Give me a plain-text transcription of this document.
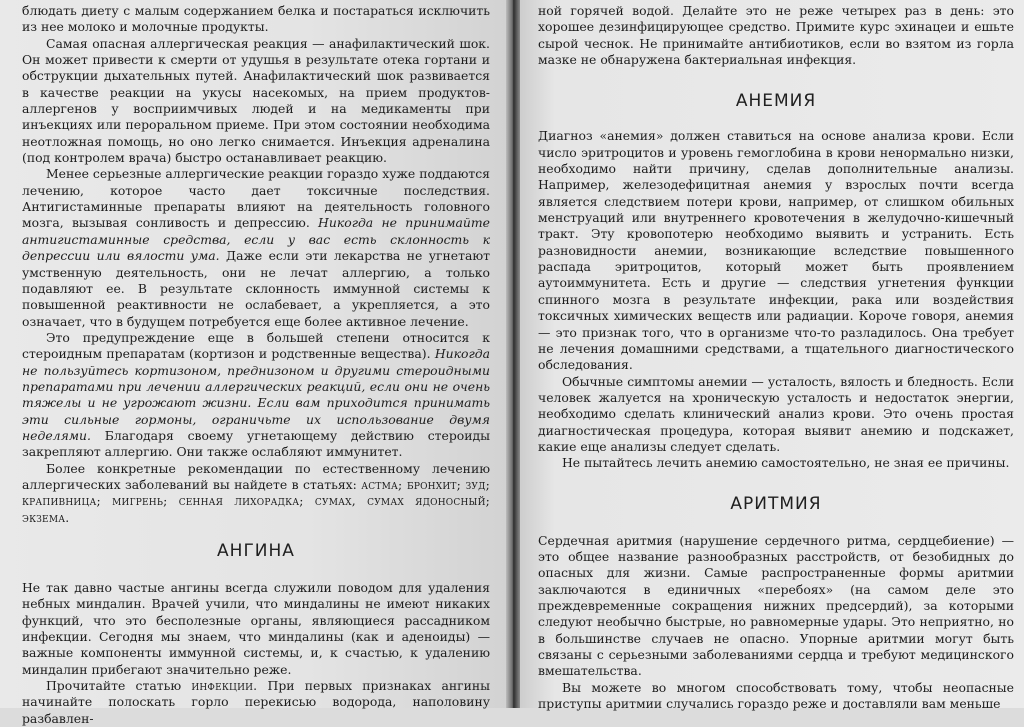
блюдать диету с малым содержанием белка и постараться исключить из нее молоко и молочные продукты.

Самая опасная аллергическая реакция — анафилактический шок. Он может привести к смерти от удушья в результате отека гортани и обструкции дыхательных путей. Анафилактический шок развивается в качестве реакции на укусы насекомых, на прием продуктов-аллергенов у восприимчивых людей и на медикаменты при инъекциях или пероральном приеме. При этом состоянии необходима неотложная помощь, но оно легко снимается. Инъекция адреналина (под контролем врача) быстро останавливает реакцию.

Менее серьезные аллергические реакции гораздо хуже поддаются лечению, которое часто дает токсичные последствия. Антигистаминные препараты влияют на деятельность головного мозга, вызывая сонливость и депрессию. Никогда не принимайте антигистаминные средства, если у вас есть склонность к депрессии или вялости ума. Даже если эти лекарства не угнетают умственную деятельность, они не лечат аллергию, а только подавляют ее. В результате склонность иммунной системы к повышенной реактивности не ослабевает, а укрепляется, а это означает, что в будущем потребуется еще более активное лечение.

Это предупреждение еще в большей степени относится к стероидным препаратам (кортизон и родственные вещества). Никогда не пользуйтесь кортизоном, преднизоном и другими стероидными препаратами при лечении аллергических реакций, если они не очень тяжелы и не угрожают жизни. Если вам приходится принимать эти сильные гормоны, ограничьте их использование двумя неделями. Благодаря своему угнетающему действию стероиды закрепляют аллергию. Они также ослабляют иммунитет.

Более конкретные рекомендации по естественному лечению аллергических заболеваний вы найдете в статьях: астма; бронхит; зуд; крапивница; мигрень; сенная лихорадка; сумах, сумах ядоносный; экзема.

АНГИНА

Не так давно частые ангины всегда служили поводом для удаления небных миндалин. Врачей учили, что миндалины не имеют никаких функций, что это бесполезные органы, являющиеся рассадником инфекции. Сегодня мы знаем, что миндалины (как и аденоиды) — важные компоненты иммунной системы, и, к счастью, к удалению миндалин прибегают значительно реже.

Прочитайте статью инфекции. При первых признаках ангины начинайте полоскать горло перекисью водорода, наполовину разбавлен-

ной горячей водой. Делайте это не реже четырех раз в день: это хорошее дезинфицирующее средство. Примите курс эхинацеи и ешьте сырой чеснок. Не принимайте антибиотиков, если во взятом из горла мазке не обнаружена бактериальная инфекция.

АНЕМИЯ

Диагноз «анемия» должен ставиться на основе анализа крови. Если число эритроцитов и уровень гемоглобина в крови ненормально низки, необходимо найти причину, сделав дополнительные анализы. Например, железодефицитная анемия у взрослых почти всегда является следствием потери крови, например, от слишком обильных менструаций или внутреннего кровотечения в желудочно-кишечный тракт. Эту кровопотерю необходимо выявить и устранить. Есть разновидности анемии, возникающие вследствие повышенного распада эритроцитов, который может быть проявлением аутоиммунитета. Есть и другие — следствия угнетения функции спинного мозга в результате инфекции, рака или воздействия токсичных химических веществ или радиации. Короче говоря, анемия — это признак того, что в организме что-то разладилось. Она требует не лечения домашними средствами, а тщательного диагностического обследования.

Обычные симптомы анемии — усталость, вялость и бледность. Если человек жалуется на хроническую усталость и недостаток энергии, необходимо сделать клинический анализ крови. Это очень простая диагностическая процедура, которая выявит анемию и подскажет, какие еще анализы следует сделать.

Не пытайтесь лечить анемию самостоятельно, не зная ее причины.

АРИТМИЯ

Сердечная аритмия (нарушение сердечного ритма, сердцебиение) — это общее название разнообразных расстройств, от безобидных до опасных для жизни. Самые распространенные формы аритмии заключаются в единичных «перебоях» (на самом деле это преждевременные сокращения нижних предсердий), за которыми следуют необычно быстрые, но равномерные удары. Это неприятно, но в большинстве случаев не опасно. Упорные аритмии могут быть связаны с серьезными заболеваниями сердца и требуют медицинского вмешательства.

Вы можете во многом способствовать тому, чтобы неопасные приступы аритмии случались гораздо реже и доставляли вам меньше
